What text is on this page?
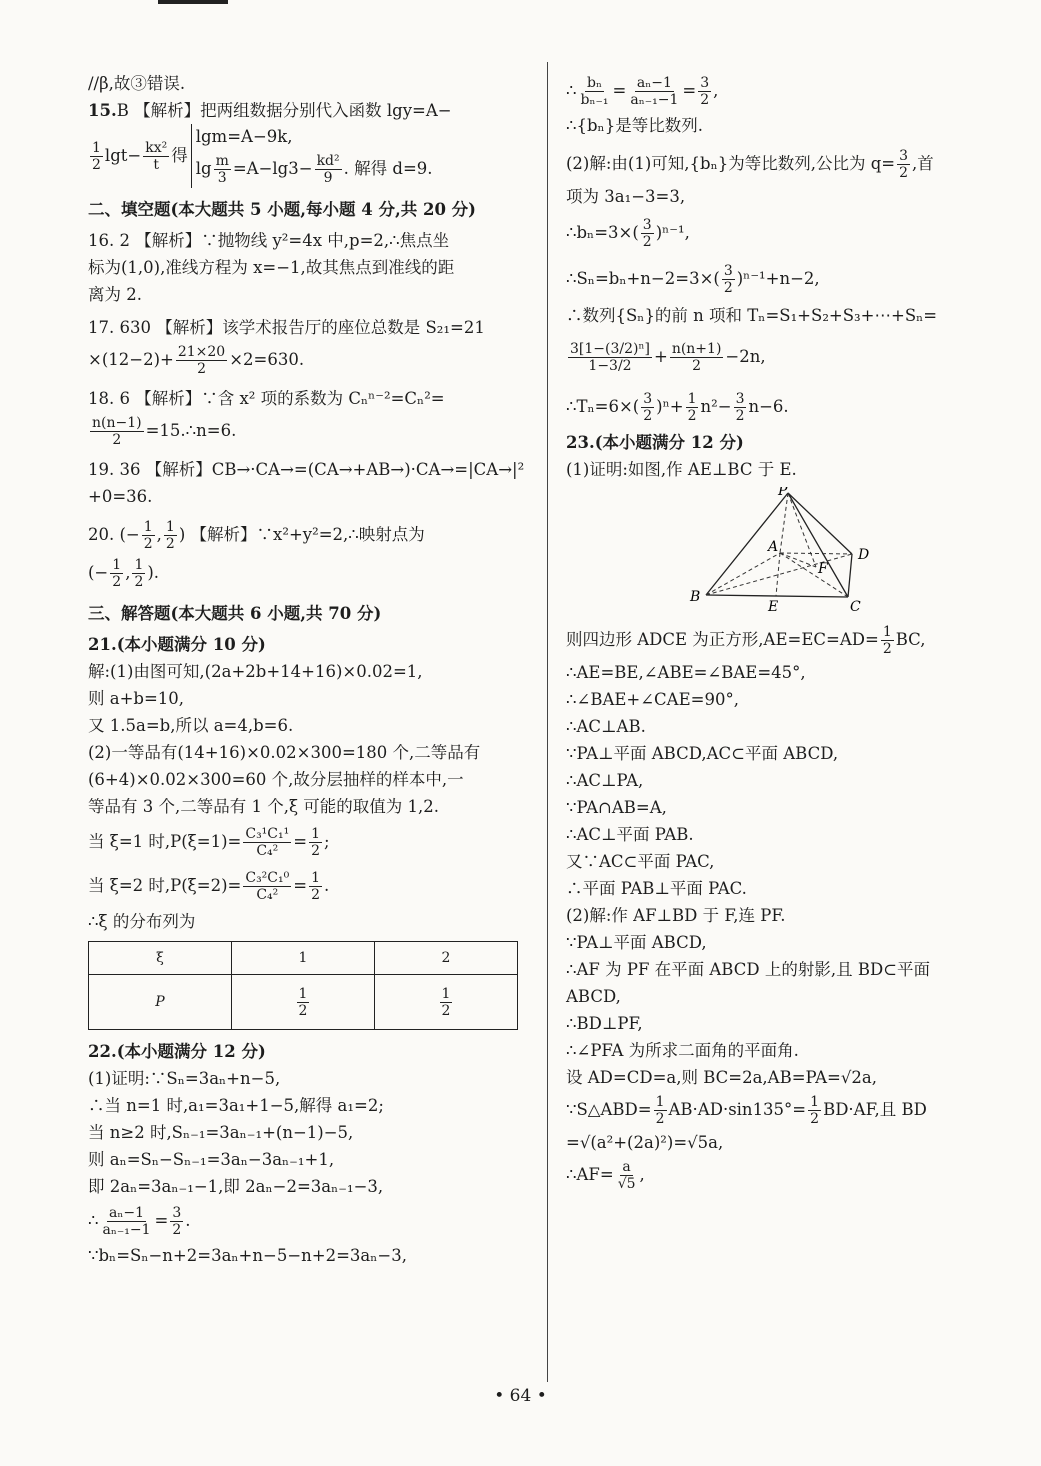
//β,故③错误.
15.B 【解析】把两组数据分别代入函数 lgy=A−
$\frac{1}{2} \lg t- \frac{\text{kx²}}{t}$ 得
lgm=A−9k,
$\lg \frac{m}{3} =A-\lg 3- \frac{\text{kd²}}{9}$ . 解得 d=9.
二、填空题(本大题共 5 小题,每小题 4 分,共 20 分)
16. 2 【解析】∵抛物线 y²=4x 中,p=2,∴焦点坐
标为(1,0),准线方程为 x=−1,故其焦点到准线的距
离为 2.
17. 630 【解析】该学术报告厅的座位总数是 S₂₁=21
$\times(12-2)+ \frac{21\times 20}{2} \times 2=630$.
18. 6 【解析】∵含 x² 项的系数为 Cₙⁿ⁻²=Cₙ²=
$\frac{n(n-1)}{2}$ =15.∴n=6.
19. 36 【解析】CB→·CA→=(CA→+AB→)·CA→=|CA→|²
+0=36.
20. (− $\frac{1}{2}$ , $\frac{1}{2}$ ) 【解析】∵x²+y²=2,∴映射点为
(− $\frac{1}{2}$ , $\frac{1}{2}$ ).
三、解答题(本大题共 6 小题,共 70 分)
21.(本小题满分 10 分)
解:(1)由图可知,(2a+2b+14+16)×0.02=1,
则 a+b=10,
又 1.5a=b,所以 a=4,b=6.
(2)一等品有(14+16)×0.02×300=180 个,二等品有
(6+4)×0.02×300=60 个,故分层抽样的样本中,一
等品有 3 个,二等品有 1 个,ξ 可能的取值为 1,2.
当 ξ=1 时$,P(\xi=1)= \frac{\text{C₃¹C₁¹}}{\text{C₄²}} = \frac{1}{2}$ ;
当 ξ=2 时$,P(\xi=2)= \frac{\text{C₃²C₁⁰}}{\text{C₄²}} = \frac{1}{2}$ .
∴ξ 的分布列为
ξ	1	2
P	$\frac{1}{2}$	$\frac{1}{2}$
22.(本小题满分 12 分)
(1)证明:∵Sₙ=3aₙ+n−5,
∴当 n=1 时,a₁=3a₁+1−5,解得 a₁=2;
当 n≥2 时,Sₙ₋₁=3aₙ₋₁+(n−1)−5,
则 aₙ=Sₙ−Sₙ₋₁=3aₙ−3aₙ₋₁+1,
即 2aₙ=3aₙ₋₁−1,即 2aₙ−2=3aₙ₋₁−3,
∴ $\frac{\text{aₙ−1}}{\text{aₙ₋₁−1}} = \frac{3}{2}$ .
∵bₙ=Sₙ−n+2=3aₙ+n−5−n+2=3aₙ−3,
∴ $\frac{\text{bₙ}}{\text{bₙ₋₁}} = \frac{\text{aₙ−1}}{\text{aₙ₋₁−1}} = \frac{3}{2}$ ,
∴{bₙ}是等比数列.
(2)解:由(1)可知,{bₙ}为等比数列,公比为 $q= \frac{3}{2}$ ,首
项为 3a₁−3=3,
∴bₙ=3×( $\frac{3}{2} )^{n-1}$,
∴Sₙ=bₙ+n−2=3×( $\frac{3}{2} )^{n-1}+n-2$,
∴数列{Sₙ}的前 n 项和 Tₙ=S₁+S₂+S₃+⋯+Sₙ=
$\frac{\text{3[1−(3/2)ⁿ]}}{1-3/2} + \frac{n(n+1)}{2} -2n$,
∴Tₙ=6×( $\frac{3}{2} )^n+ \frac{1}{2} n^2- \frac{3}{2} n-6$.
23.(本小题满分 12 分)
(1)证明:如图,作 AE⊥BC 于 E.
P
A	D
F
B
E	C
则四边形 ADCE 为正方形$,AE=EC=AD= \frac{1}{2}$ BC,
∴AE=BE,∠ABE=∠BAE=45°,
∴∠BAE+∠CAE=90°,
∴AC⊥AB.
∵PA⊥平面 ABCD,AC⊂平面 ABCD,
∴AC⊥PA,
∵PA∩AB=A,
∴AC⊥平面 PAB.
又∵AC⊂平面 PAC,
∴平面 PAB⊥平面 PAC.
(2)解:作 AF⊥BD 于 F,连 PF.
∵PA⊥平面 ABCD,
∴AF 为 PF 在平面 ABCD 上的射影,且 BD⊂平面
ABCD,
∴BD⊥PF,
∴∠PFA 为所求二面角的平面角.
设 AD=CD=a,则 BC=2a,AB=PA=√2a,
∵S△ABD= $\frac{1}{2} AB\cdot AD\cdot\sin 135^\circ= \frac{1}{2} BD\cdot AF$,且 BD
=√(a²+(2a)²)=√5a,
∴AF= $\frac{a}{√5}$ ,
• 64 •
